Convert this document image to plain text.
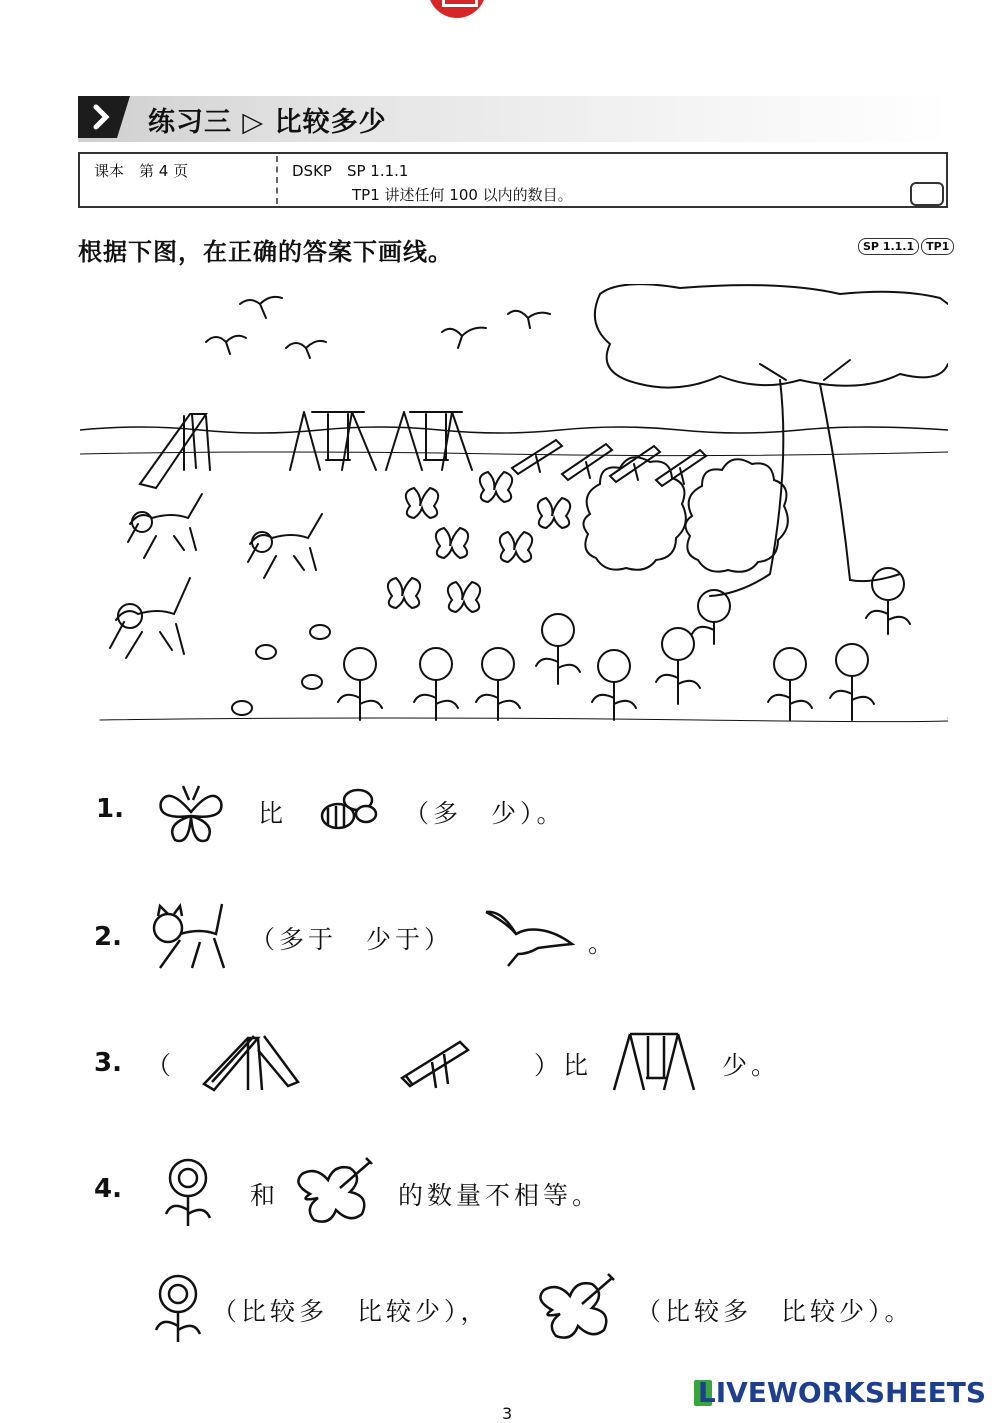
练习三 ▷ 比较多少
课本　第 4 页	DSKP　SP 1.1.1
TP1 讲述任何 100 以内的数目。
根据下图，在正确的答案下画线。	SP 1.1.1 TP1
1.	比	（多　少）。
2.	（多于　少于）	。
3. （	）比	少。
4.	和	的数量不相等。
（比较多　比较少），	（比较多　比较少）。
LIVEWORKSHEETS
3
